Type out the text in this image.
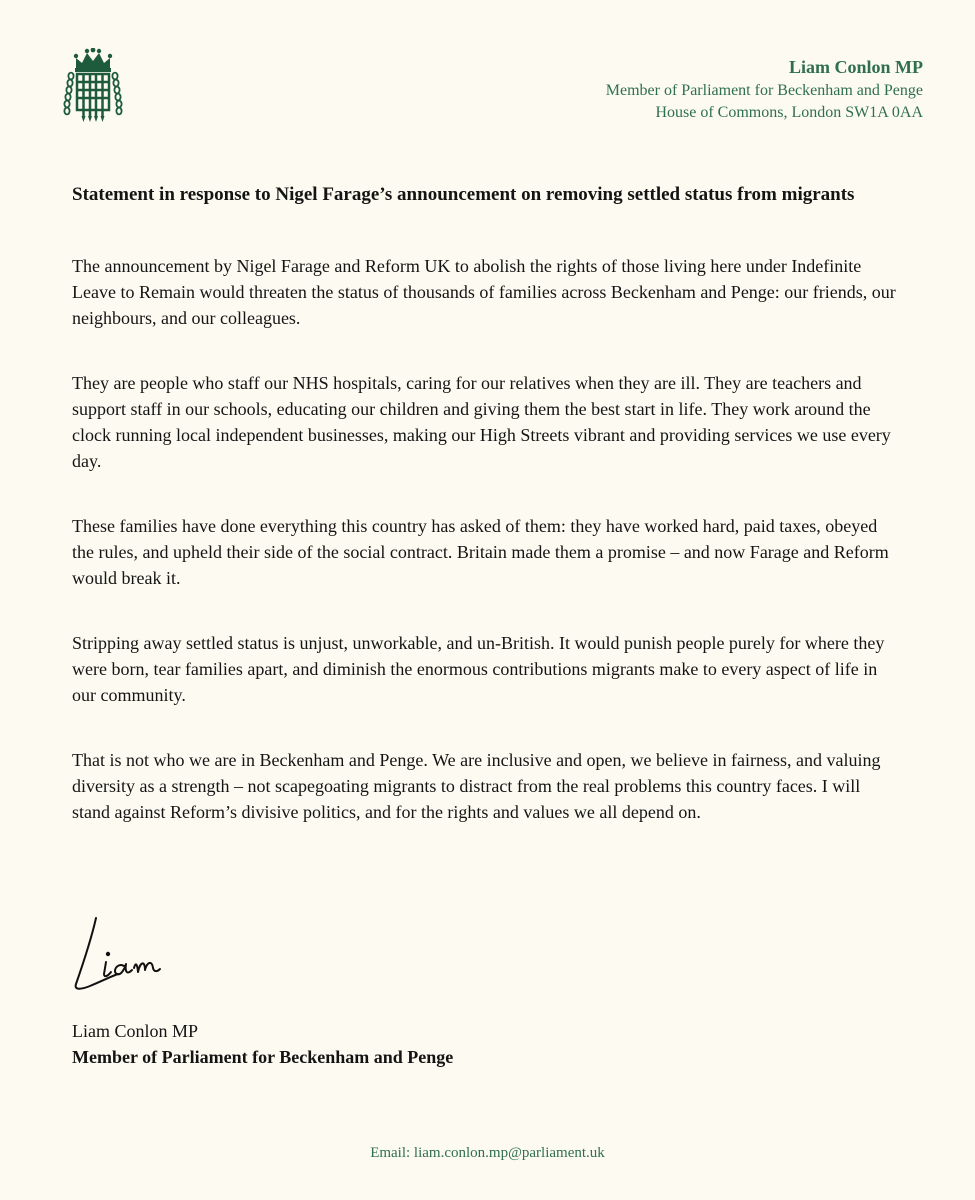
Liam Conlon MP
Member of Parliament for Beckenham and Penge
House of Commons, London SW1A 0AA
Statement in response to Nigel Farage’s announcement on removing settled status from migrants

The announcement by Nigel Farage and Reform UK to abolish the rights of those living here under Indefinite Leave to Remain would threaten the status of thousands of families across Beckenham and Penge: our friends, our neighbours, and our colleagues.

They are people who staff our NHS hospitals, caring for our relatives when they are ill. They are teachers and support staff in our schools, educating our children and giving them the best start in life. They work around the clock running local independent businesses, making our High Streets vibrant and providing services we use every day.

These families have done everything this country has asked of them: they have worked hard, paid taxes, obeyed the rules, and upheld their side of the social contract. Britain made them a promise – and now Farage and Reform would break it.

Stripping away settled status is unjust, unworkable, and un-British. It would punish people purely for where they were born, tear families apart, and diminish the enormous contributions migrants make to every aspect of life in our community.

That is not who we are in Beckenham and Penge. We are inclusive and open, we believe in fairness, and valuing diversity as a strength – not scapegoating migrants to distract from the real problems this country faces. I will stand against Reform’s divisive politics, and for the rights and values we all depend on.

Liam Conlon MP
Member of Parliament for Beckenham and Penge
Email: liam.conlon.mp@parliament.uk
